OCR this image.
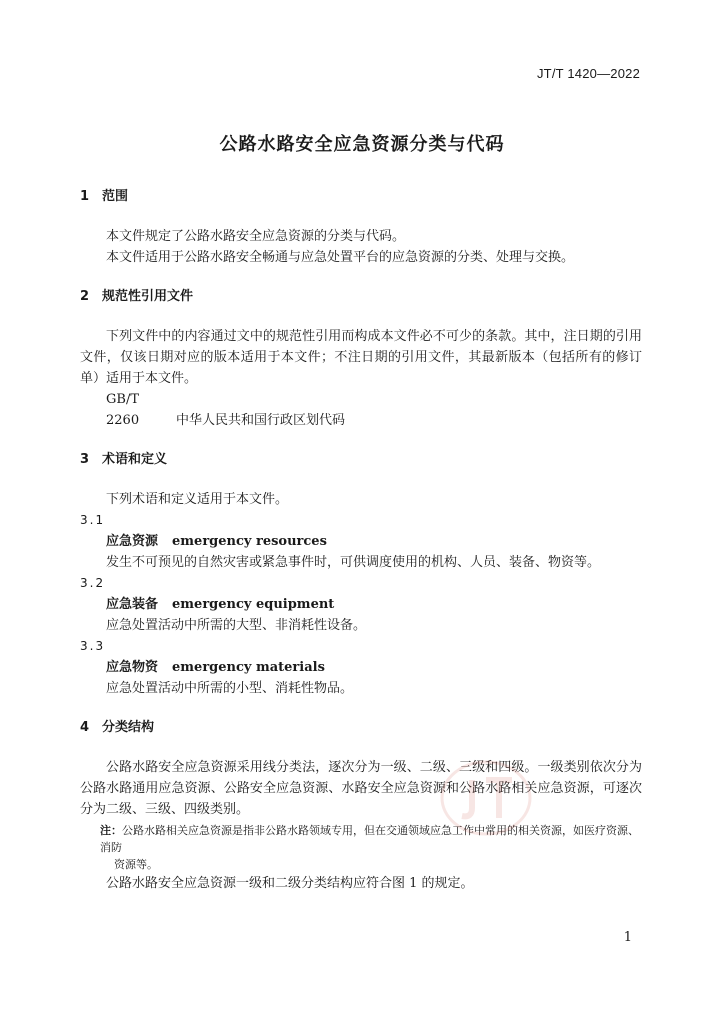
JT/T 1420—2022
公路水路安全应急资源分类与代码
1 范围

本文件规定了公路水路安全应急资源的分类与代码。

本文件适用于公路水路安全畅通与应急处置平台的应急资源的分类、处理与交换。

2 规范性引用文件

下列文件中的内容通过文中的规范性引用而构成本文件必不可少的条款。其中，注日期的引用文件，仅该日期对应的版本适用于本文件；不注日期的引用文件，其最新版本（包括所有的修订单）适用于本文件。

GB/T 2260	中华人民共和国行政区划代码
3 术语和定义

下列术语和定义适用于本文件。

3.1
应急资源 emergency resources
发生不可预见的自然灾害或紧急事件时，可供调度使用的机构、人员、装备、物资等。
3.2
应急装备 emergency equipment
应急处置活动中所需的大型、非消耗性设备。
3.3
应急物资 emergency materials
应急处置活动中所需的小型、消耗性物品。
4 分类结构

公路水路安全应急资源采用线分类法，逐次分为一级、二级、三级和四级。一级类别依次分为公路水路通用应急资源、公路安全应急资源、水路安全应急资源和公路水路相关应急资源，可逐次分为二级、三级、四级类别。

注：公路水路相关应急资源是指非公路水路领域专用，但在交通领域应急工作中常用的相关资源，如医疗资源、消防
资源等。

公路水路安全应急资源一级和二级分类结构应符合图 1 的规定。

1
